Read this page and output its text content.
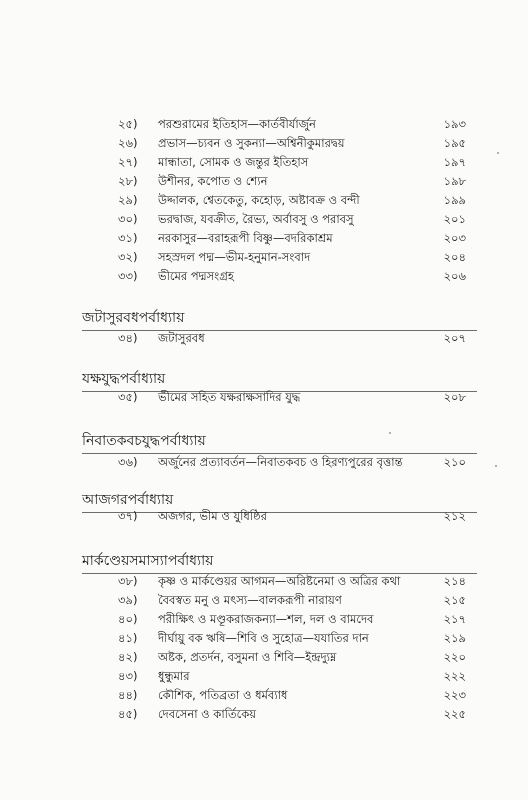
২৫)	পরশুরামের ইতিহাস—কার্তবীর্যার্জুন	১৯৩
২৬)	প্রভাস—চ্যবন ও সুকন্যা—অশ্বিনীকুমারদ্বয়	১৯৫
২৭)	মান্ধাতা, সোমক ও জন্তুর ইতিহাস	১৯৭
২৮)	উশীনর, কপোত ও শ্যেন	১৯৮
২৯)	উদ্দালক, শ্বেতকেতু, কহোড়, অষ্টাবক্র ও বন্দী	১৯৯
৩০)	ভরদ্বাজ, যবক্রীত, রৈভ্য, অর্বাবসু ও পরাবসু	২০১
৩১)	নরকাসুর—বরাহরূপী বিষ্ণু—বদরিকাশ্রম	২০৩
৩২)	সহস্রদল পদ্ম—ভীম-হনুমান-সংবাদ	২০৪
৩৩)	ভীমের পদ্মসংগ্রহ	২০৬
জটাসুরবধপর্বাধ্যায়
৩৪)	জটাসুরবধ	২০৭
যক্ষযুদ্ধপর্বাধ্যায়
৩৫)	ভীমের সহিত যক্ষরাক্ষসাদির যুদ্ধ	২০৮
নিবাতকবচযুদ্ধপর্বাধ্যায়
৩৬)	অর্জুনের প্রত্যাবর্তন—নিবাতকবচ ও হিরণ্যপুরের বৃত্তান্ত	২১০
আজগরপর্বাধ্যায়
৩৭)	অজগর, ভীম ও যুধিষ্ঠির	২১২
মার্কণ্ডেয়সমাস্যাপর্বাধ্যায়
৩৮)	কৃষ্ণ ও মার্কণ্ডেয়র আগমন—অরিষ্টনেমা ও অত্রির কথা	২১৪
৩৯)	বৈবস্বত মনু ও মৎস্য—বালকরূপী নারায়ণ	২১৫
৪০)	পরীক্ষিৎ ও মণ্ডূকরাজকন্যা—শল, দল ও বামদেব	২১৭
৪১)	দীর্ঘায়ু বক ঋষি—শিবি ও সুহোত্র—যযাতির দান	২১৯
৪২)	অষ্টক, প্রতর্দন, বসুমনা ও শিবি—ইন্দ্রদ্যুম্ন	২২০
৪৩)	ধুন্ধুমার	২২২
৪৪)	কৌশিক, পতিব্রতা ও ধর্মব্যাধ	২২৩
৪৫)	দেবসেনা ও কার্তিকেয়	২২৫
